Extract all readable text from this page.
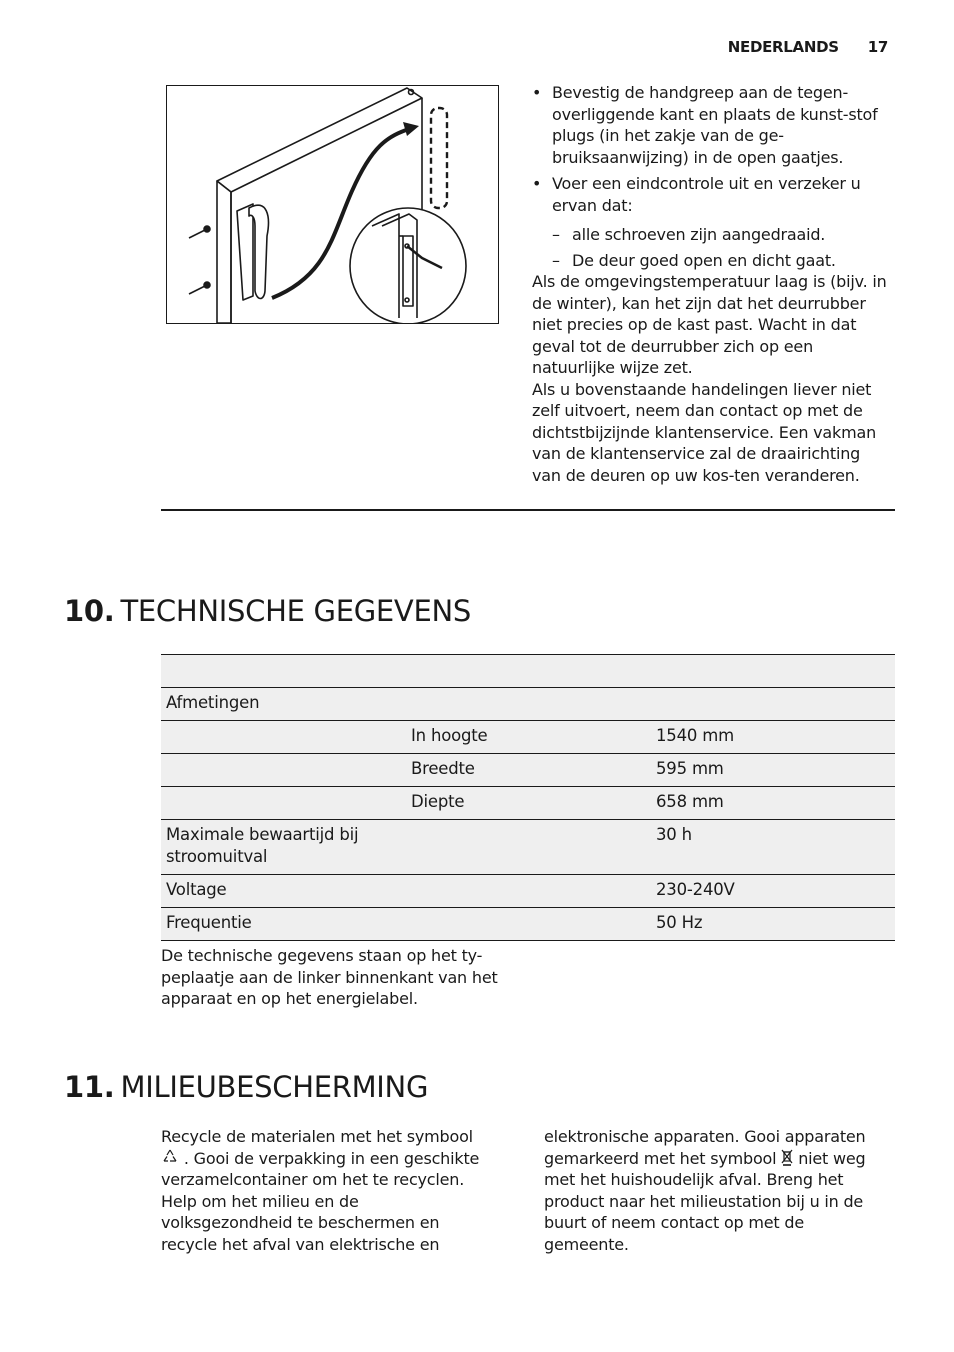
NEDERLANDS 17
• Bevestig de handgreep aan de tegen-overliggende kant en plaats de kunst-stof plugs (in het zakje van de ge-bruiksaanwijzing) in de open gaatjes.
• Voer een eindcontrole uit en verzeker u ervan dat:
– alle schroeven zijn aangedraaid.
– De deur goed open en dicht gaat.
Als de omgevingstemperatuur laag is (bijv. in de winter), kan het zijn dat het deurrubber niet precies op de kast past. Wacht in dat geval tot de deurrubber zich op een natuurlijke wijze zet.
Als u bovenstaande handelingen liever niet zelf uitvoert, neem dan contact op met de dichtstbijzijnde klantenservice. Een vakman van de klantenservice zal de draairichting van de deuren op uw kos-ten veranderen.
10. TECHNISCHE GEGEVENS

Afmetingen		
	In hoogte	1540 mm
	Breedte	595 mm
	Diepte	658 mm
Maximale bewaartijd bij stroomuitval		30 h
Voltage		230-240V
Frequentie		50 Hz
De technische gegevens staan op het ty-peplaatje aan de linker binnenkant van het apparaat en op het energielabel.
11. MILIEUBESCHERMING

Recycle de materialen met het symbool  . Gooi de verpakking in een geschikte verzamelcontainer om het te recyclen.

Help om het milieu en de volksgezondheid te beschermen en recycle het afval van elektrische en

elektronische apparaten. Gooi apparaten gemarkeerd met het symbool niet weg met het huishoudelijk afval. Breng het product naar het milieustation bij u in de buurt of neem contact op met de gemeente.
